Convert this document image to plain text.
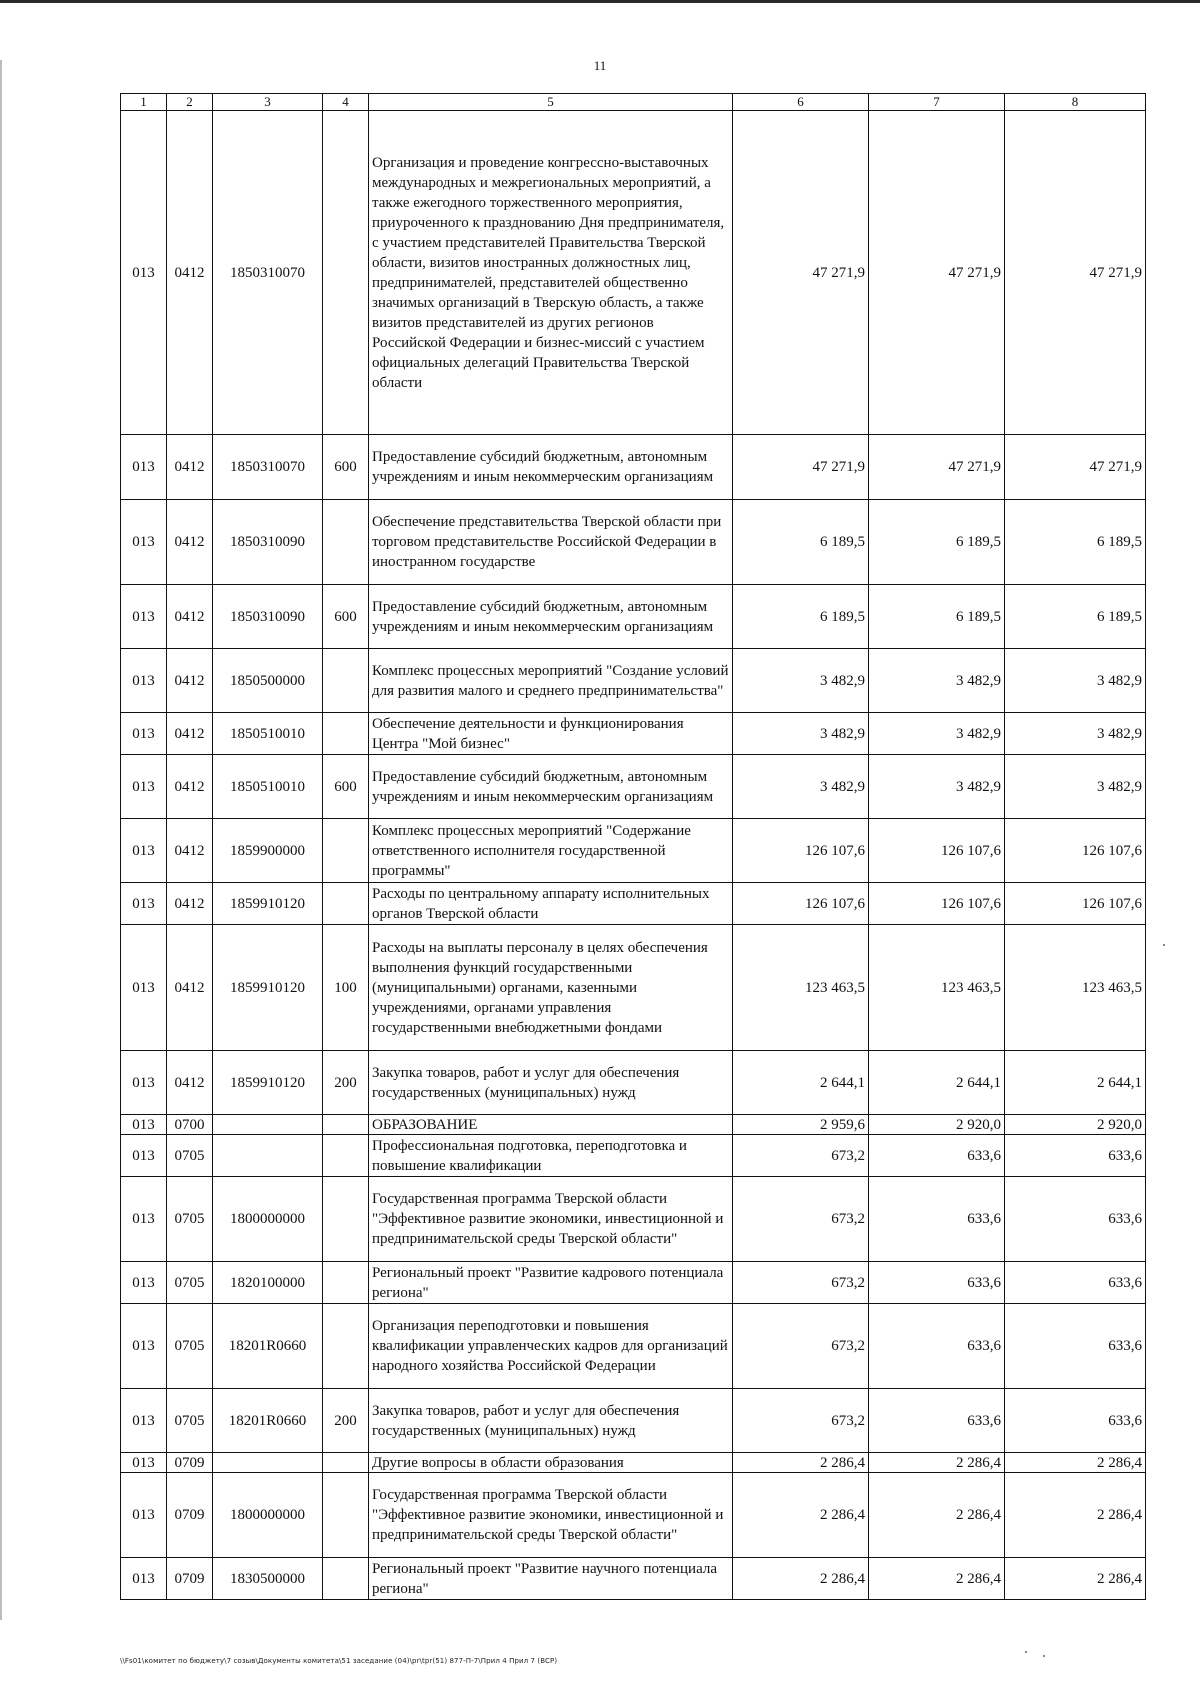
11
1	2	3	4	5	6	7	8
013	0412	1850310070		Организация и проведение конгрессно-выставочных международных и межрегиональных мероприятий, а также ежегодного торжественного мероприятия, приуроченного к празднованию Дня предпринимателя, с участием представителей Правительства Тверской области, визитов иностранных должностных лиц, предпринимателей, представителей общественно значимых организаций в Тверскую область, а также визитов представителей из других регионов Российской Федерации и бизнес-миссий с участием официальных делегаций Правительства Тверской области	47 271,9	47 271,9	47 271,9
013	0412	1850310070	600	Предоставление субсидий бюджетным, автономным учреждениям и иным некоммерческим организациям	47 271,9	47 271,9	47 271,9
013	0412	1850310090		Обеспечение представительства Тверской области при торговом представительстве Российской Федерации в иностранном государстве	6 189,5	6 189,5	6 189,5
013	0412	1850310090	600	Предоставление субсидий бюджетным, автономным учреждениям и иным некоммерческим организациям	6 189,5	6 189,5	6 189,5
013	0412	1850500000		Комплекс процессных мероприятий "Создание условий для развития малого и среднего предпринимательства"	3 482,9	3 482,9	3 482,9
013	0412	1850510010		Обеспечение деятельности и функционирования Центра "Мой бизнес"	3 482,9	3 482,9	3 482,9
013	0412	1850510010	600	Предоставление субсидий бюджетным, автономным учреждениям и иным некоммерческим организациям	3 482,9	3 482,9	3 482,9
013	0412	1859900000		Комплекс процессных мероприятий "Содержание ответственного исполнителя государственной программы"	126 107,6	126 107,6	126 107,6
013	0412	1859910120		Расходы по центральному аппарату исполнительных органов Тверской области	126 107,6	126 107,6	126 107,6
013	0412	1859910120	100	Расходы на выплаты персоналу в целях обеспечения выполнения функций государственными (муниципальными) органами, казенными учреждениями, органами управления государственными внебюджетными фондами	123 463,5	123 463,5	123 463,5
013	0412	1859910120	200	Закупка товаров, работ и услуг для обеспечения государственных (муниципальных) нужд	2 644,1	2 644,1	2 644,1
013	0700			ОБРАЗОВАНИЕ	2 959,6	2 920,0	2 920,0
013	0705			Профессиональная подготовка, переподготовка и повышение квалификации	673,2	633,6	633,6
013	0705	1800000000		Государственная программа Тверской области "Эффективное развитие экономики, инвестиционной и предпринимательской среды Тверской области"	673,2	633,6	633,6
013	0705	1820100000		Региональный проект "Развитие кадрового потенциала региона"	673,2	633,6	633,6
013	0705	18201R0660		Организация переподготовки и повышения квалификации управленческих кадров для организаций народного хозяйства Российской Федерации	673,2	633,6	633,6
013	0705	18201R0660	200	Закупка товаров, работ и услуг для обеспечения государственных (муниципальных) нужд	673,2	633,6	633,6
013	0709			Другие вопросы в области образования	2 286,4	2 286,4	2 286,4
013	0709	1800000000		Государственная программа Тверской области "Эффективное развитие экономики, инвестиционной и предпринимательской среды Тверской области"	2 286,4	2 286,4	2 286,4
013	0709	1830500000		Региональный проект "Развитие научного потенциала региона"	2 286,4	2 286,4	2 286,4
\\Fs01\комитет по бюджету\7 созыв\Документы комитета\51 заседание (04)\pr\tpr(51) 877-П-7\Прил 4 Прил 7 (BCP)
